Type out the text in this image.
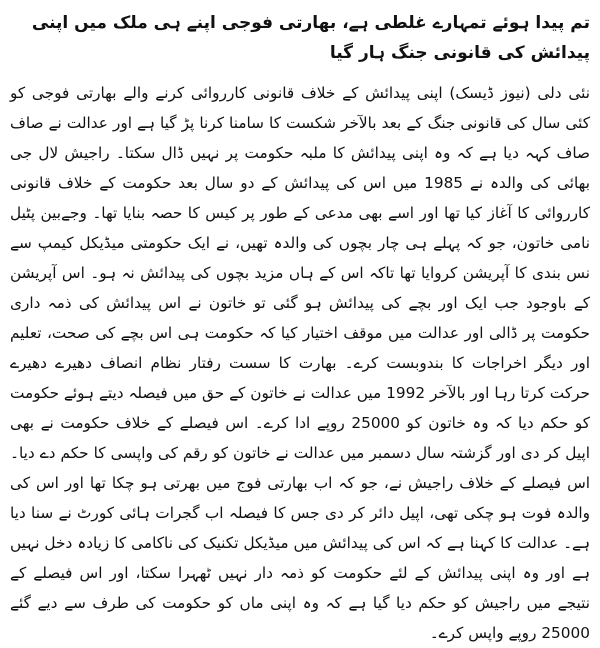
تم پیدا ہوئے تمہارے غلطی ہے، بھارتی فوجی اپنے ہی ملک میں اپنی پیدائش کی قانونی جنگ ہار گیا

نئی دلی (نیوز ڈیسک) اپنی پیدائش کے خلاف قانونی کارروائی کرنے والے بھارتی فوجی کو کئی سال کی قانونی جنگ کے بعد بالآخر شکست کا سامنا کرنا پڑ گیا ہے اور عدالت نے صاف صاف کہہ دیا ہے کہ وہ اپنی پیدائش کا ملبہ حکومت پر نہیں ڈال سکتا۔ راجیش لال جی بھائی کی والدہ نے 1985 میں اس کی پیدائش کے دو سال بعد حکومت کے خلاف قانونی کارروائی کا آغاز کیا تھا اور اسے بھی مدعی کے طور پر کیس کا حصہ بنایا تھا۔ وجےبین پٹیل نامی خاتون، جو کہ پہلے ہی چار بچوں کی والدہ تھیں، نے ایک حکومتی میڈیکل کیمپ سے نس بندی کا آپریشن کروایا تھا تاکہ اس کے ہاں مزید بچوں کی پیدائش نہ ہو۔ اس آپریشن کے باوجود جب ایک اور بچے کی پیدائش ہو گئی تو خاتون نے اس پیدائش کی ذمہ داری حکومت پر ڈالی اور عدالت میں موقف اختیار کیا کہ حکومت ہی اس بچے کی صحت، تعلیم اور دیگر اخراجات کا بندوبست کرے۔ بھارت کا سست رفتار نظام انصاف دھیرے دھیرے حرکت کرتا رہا اور بالآخر 1992 میں عدالت نے خاتون کے حق میں فیصلہ دیتے ہوئے حکومت کو حکم دیا کہ وہ خاتون کو 25000 روپے ادا کرے۔ اس فیصلے کے خلاف حکومت نے بھی اپیل کر دی اور گزشتہ سال دسمبر میں عدالت نے خاتون کو رقم کی واپسی کا حکم دے دیا۔ اس فیصلے کے خلاف راجیش نے، جو کہ اب بھارتی فوج میں بھرتی ہو چکا تھا اور اس کی والدہ فوت ہو چکی تھی، اپیل دائر کر دی جس کا فیصلہ اب گجرات ہائی کورٹ نے سنا دیا ہے۔ عدالت کا کہنا ہے کہ اس کی پیدائش میں میڈیکل تکنیک کی ناکامی کا زیادہ دخل نہیں ہے اور وہ اپنی پیدائش کے لئے حکومت کو ذمہ دار نہیں ٹھہرا سکتا، اور اس فیصلے کے نتیجے میں راجیش کو حکم دیا گیا ہے کہ وہ اپنی ماں کو حکومت کی طرف سے دیے گئے 25000 روپے واپس کرے۔
